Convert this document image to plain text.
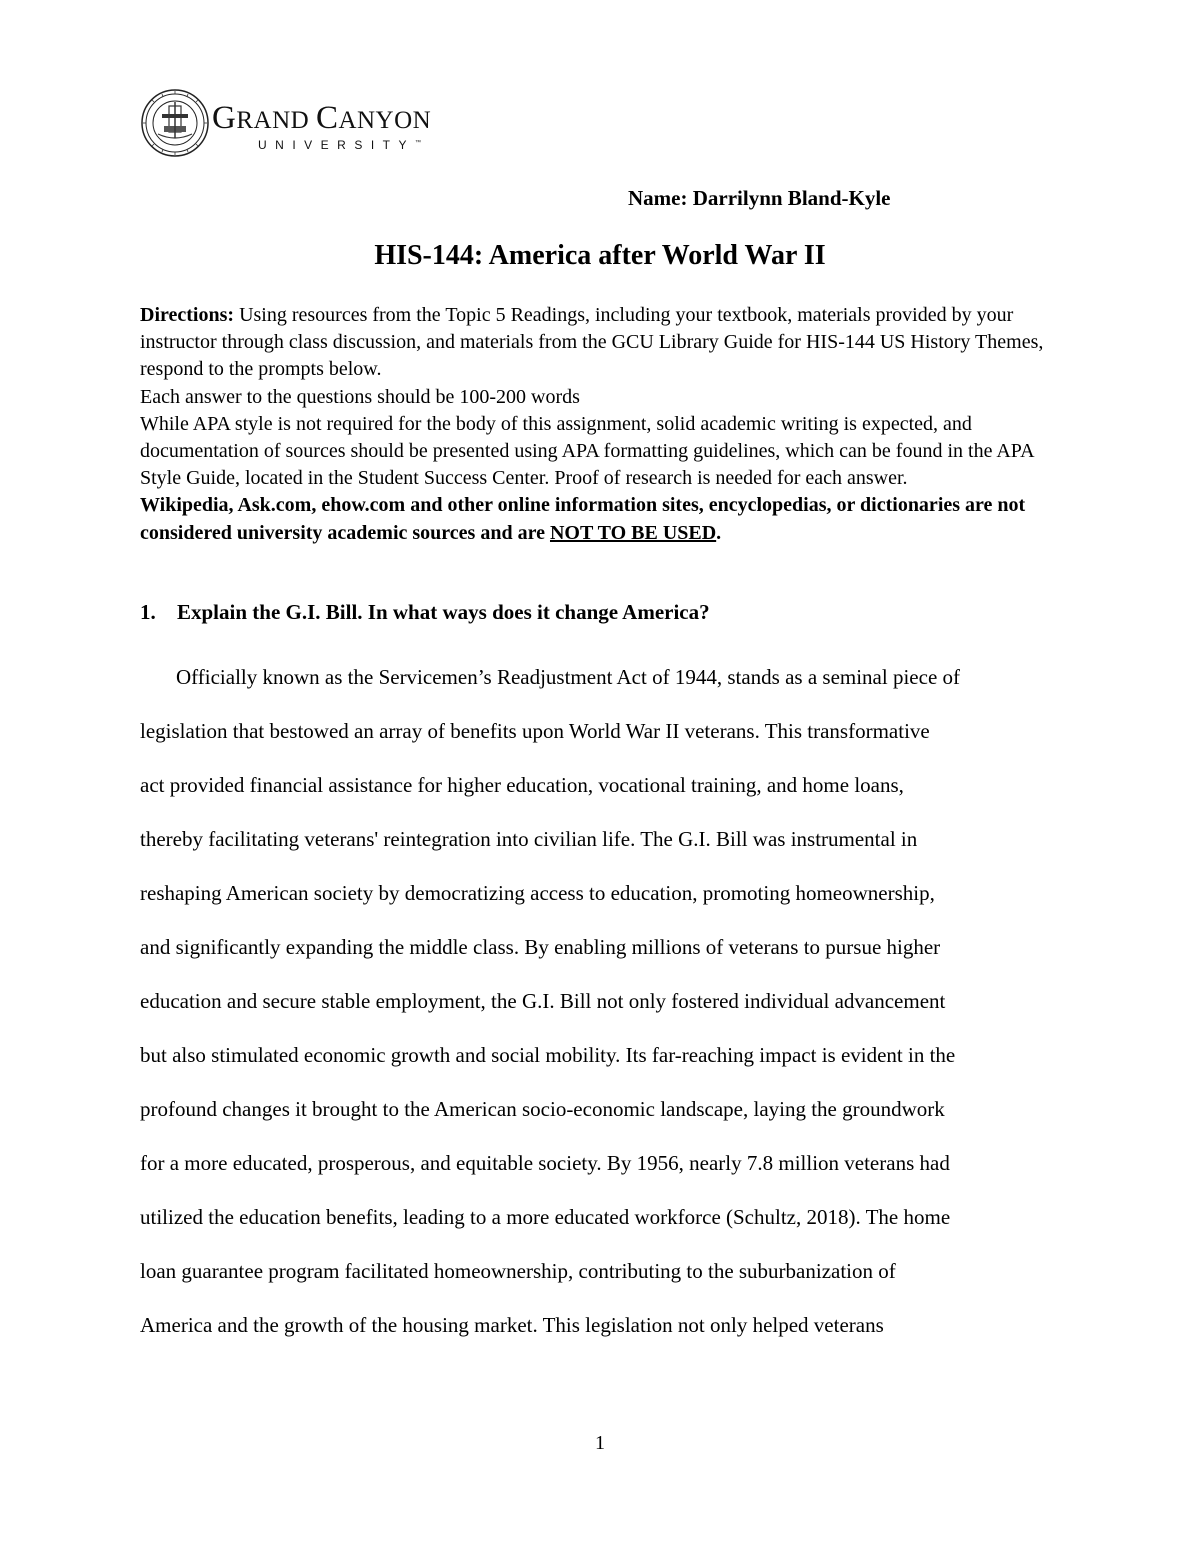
GRAND CANYON
UNIVERSITY™
Name: Darrilynn Bland-Kyle
HIS-144: America after World War II

Directions: Using resources from the Topic 5 Readings, including your textbook, materials provided by your instructor through class discussion, and materials from the GCU Library Guide for HIS-144 US History Themes, respond to the prompts below.

Each answer to the questions should be 100-200 words

While APA style is not required for the body of this assignment, solid academic writing is expected, and documentation of sources should be presented using APA formatting guidelines, which can be found in the APA Style Guide, located in the Student Success Center. Proof of research is needed for each answer.

Wikipedia, Ask.com, ehow.com and other online information sites, encyclopedias, or dictionaries are not considered university academic sources and are NOT TO BE USED.

1. Explain the G.I. Bill. In what ways does it change America?
Officially known as the Servicemen’s Readjustment Act of 1944, stands as a seminal piece of
legislation that bestowed an array of benefits upon World War II veterans. This transformative
act provided financial assistance for higher education, vocational training, and home loans,
thereby facilitating veterans' reintegration into civilian life. The G.I. Bill was instrumental in
reshaping American society by democratizing access to education, promoting homeownership,
and significantly expanding the middle class. By enabling millions of veterans to pursue higher
education and secure stable employment, the G.I. Bill not only fostered individual advancement
but also stimulated economic growth and social mobility. Its far-reaching impact is evident in the
profound changes it brought to the American socio-economic landscape, laying the groundwork
for a more educated, prosperous, and equitable society. By 1956, nearly 7.8 million veterans had
utilized the education benefits, leading to a more educated workforce (Schultz, 2018). The home
loan guarantee program facilitated homeownership, contributing to the suburbanization of
America and the growth of the housing market. This legislation not only helped veterans
1
